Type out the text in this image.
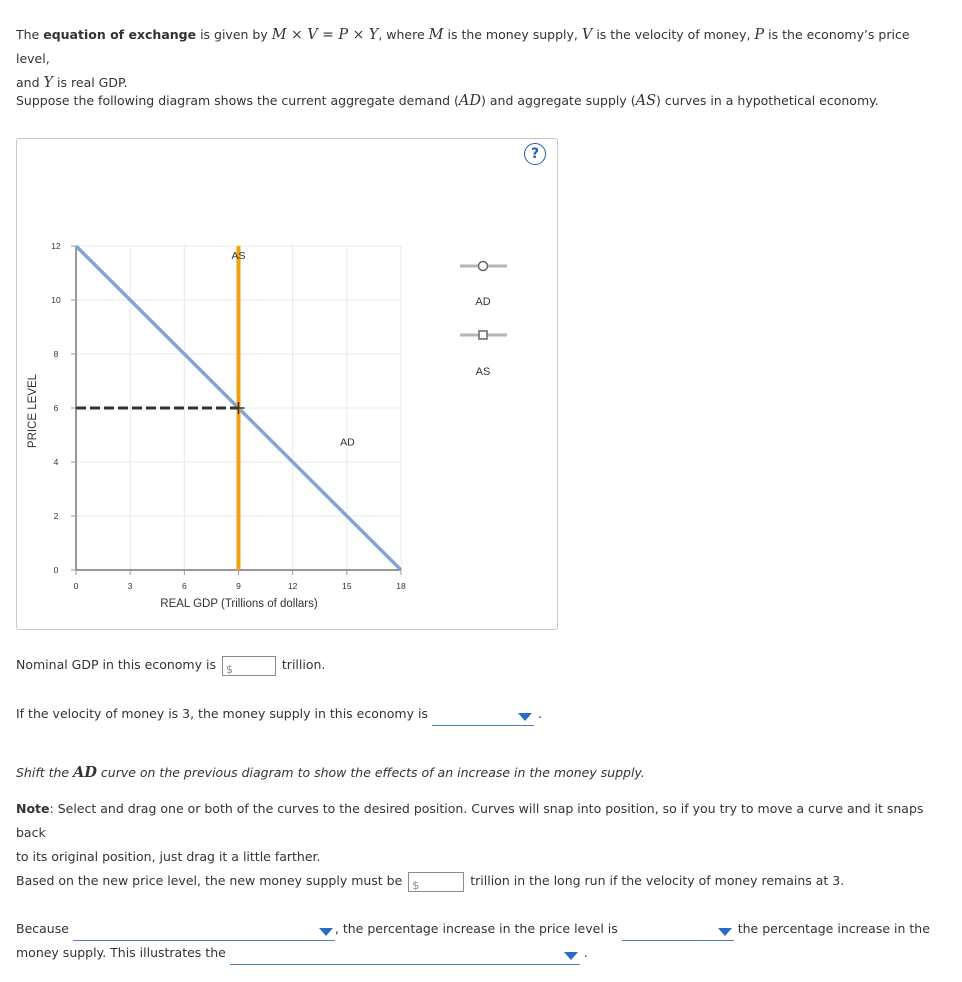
The equation of exchange is given by M × V = P × Y, where M is the money supply, V is the velocity of money, P is the economy’s price level,
and Y is real GDP.
Suppose the following diagram shows the current aggregate demand (AD) and aggregate supply (AS) curves in a hypothetical economy.
?
PRICE LEVEL
REAL GDP (Trillions of dollars)
0	3	6	9	12	15	18
0
2
4
6
8
10
12
AD
AS
AD
AS
Nominal GDP in this economy is $	trillion.
If the velocity of money is 3, the money supply in this economy is	.
Shift the AD curve on the previous diagram to show the effects of an increase in the money supply.
Note: Select and drag one or both of the curves to the desired position. Curves will snap into position, so if you try to move a curve and it snaps back
to its original position, just drag it a little farther.
Based on the new price level, the new money supply must be $	trillion in the long run if the velocity of money remains at 3.
Because	, the percentage increase in the price level is	the percentage increase in the
money supply. This illustrates the	.
